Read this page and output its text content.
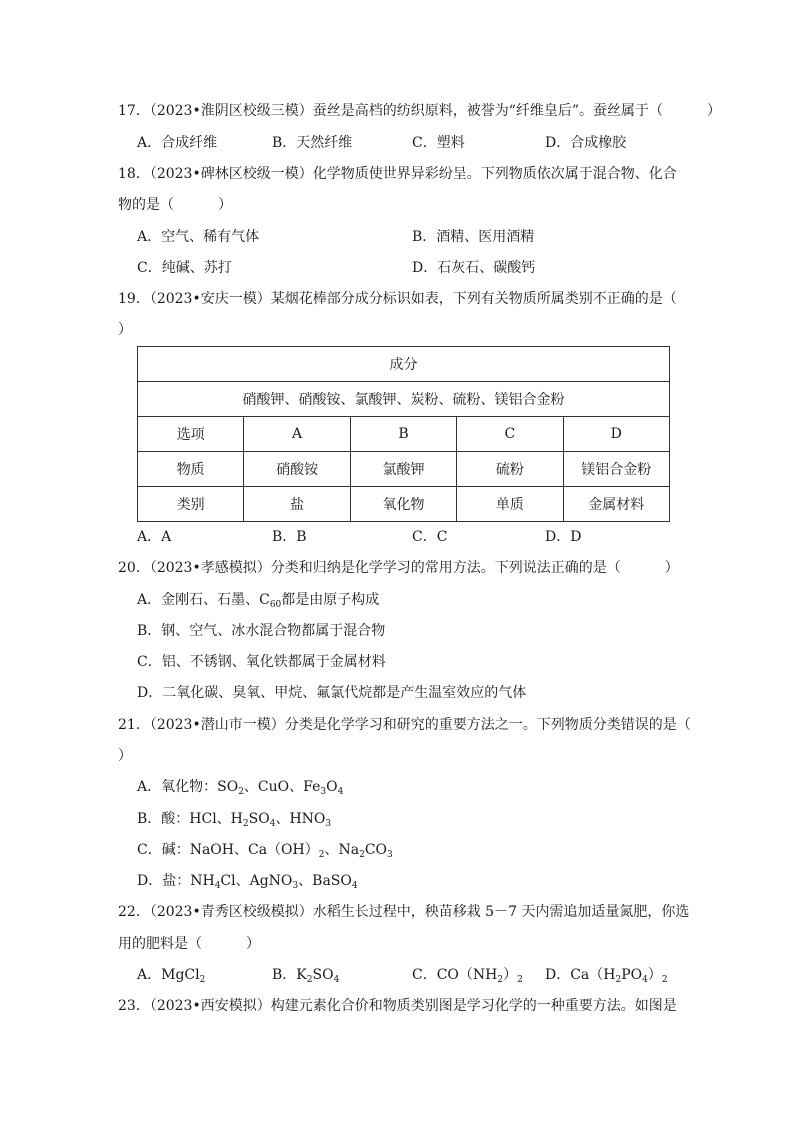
17．（2023•淮阴区校级三模）蚕丝是高档的纺织原料，被誉为“纤维皇后”。蚕丝属于（	）
A．合成纤维	B．天然纤维	C．塑料	D．合成橡胶
18．（2023•碑林区校级一模）化学物质使世界异彩纷呈。下列物质依次属于混合物、化合
物的是（	）
A．空气、稀有气体	B．酒精、医用酒精
C．纯碱、苏打	D．石灰石、碳酸钙
19．（2023•安庆一模）某烟花棒部分成分标识如表，下列有关物质所属类别不正确的是（
）
成分				
硝酸钾、硝酸铵、氯酸钾、炭粉、硫粉、镁铝合金粉				
选项	A	B	C	D
物质	硝酸铵	氯酸钾	硫粉	镁铝合金粉
类别	盐	氧化物	单质	金属材料
A．A	B．B	C．C	D．D
20．（2023•孝感模拟）分类和归纳是化学学习的常用方法。下列说法正确的是（	）
A．金刚石、石墨、$C_{60}$都是由原子构成
B．钢、空气、冰水混合物都属于混合物
C．铝、不锈钢、氧化铁都属于金属材料
D．二氧化碳、臭氧、甲烷、氟氯代烷都是产生温室效应的气体
21．（2023•潜山市一模）分类是化学学习和研究的重要方法之一。下列物质分类错误的是（
）
A．氧化物：$SO_2$、CuO、$Fe_3O_4$
B．酸：HCl、$H_2SO_4$、$HNO_3$
C．碱：NaOH、$Ca(OH)_2$、$Na_2CO_3$
D．盐：$NH_4Cl$、AgNO$_3$、BaSO$_4$
22．（2023•青秀区校级模拟）水稻生长过程中，秧苗移栽 5－7 天内需追加适量氮肥，你选
用的肥料是（	）
A．MgCl$_2$	B．$K_2SO_4$	C．$CO(NH_2)_2$ D．$Ca(H_2PO_4)_2$
23．（2023•西安模拟）构建元素化合价和物质类别图是学习化学的一种重要方法。如图是
